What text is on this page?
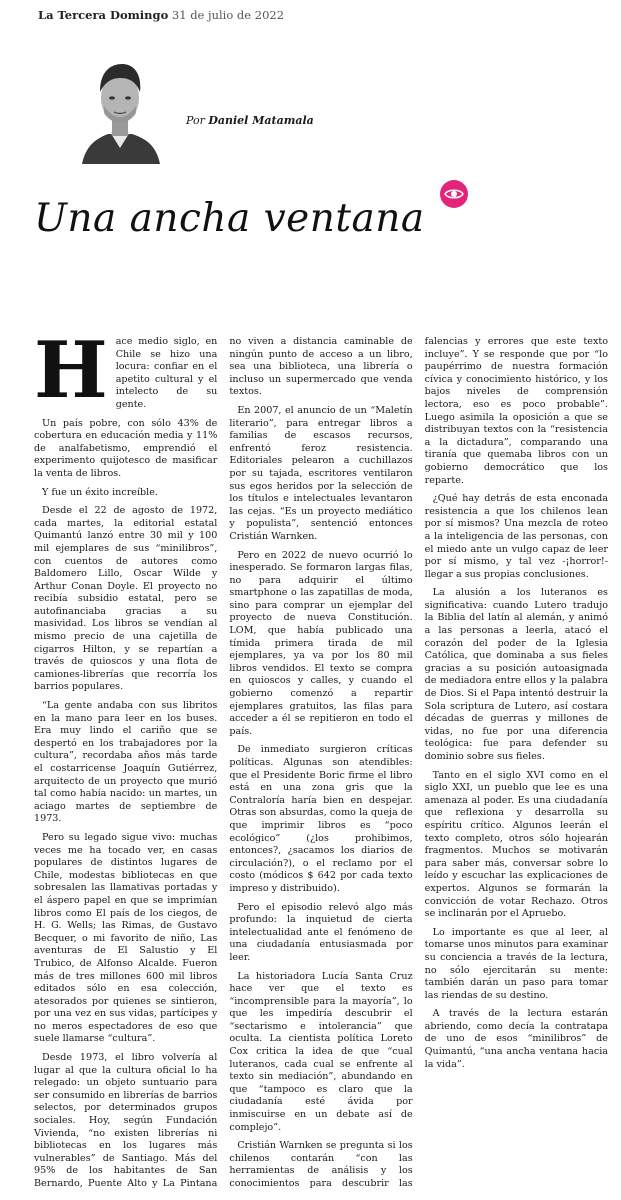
La Tercera Domingo 31 de julio de 2022
Por Daniel Matamala
Una ancha ventana

Hace medio siglo, en Chile se hizo una locura: confiar en el apetito cultural y el intelecto de su gente.

Un país pobre, con sólo 43% de cobertura en educación media y 11% de analfabetismo, emprendió el experimento quijotesco de masificar la venta de libros.

Y fue un éxito increíble.

Desde el 22 de agosto de 1972, cada martes, la editorial estatal Quimantú lanzó entre 30 mil y 100 mil ejemplares de sus “minilibros”, con cuentos de autores como Baldomero Lillo, Oscar Wilde y Arthur Conan Doyle. El proyecto no recibía subsidio estatal, pero se autofinanciaba gracias a su masividad. Los libros se vendían al mismo precio de una cajetilla de cigarros Hilton, y se repartían a través de quioscos y una flota de camiones-librerías que recorría los barrios populares.

“La gente andaba con sus libritos en la mano para leer en los buses. Era muy lindo el cariño que se despertó en los trabajadores por la cultura”, recordaba años más tarde el costarricense Joaquín Gutiérrez, arquitecto de un proyecto que murió tal como había nacido: un martes, un aciago martes de septiembre de 1973.

Pero su legado sigue vivo: muchas veces me ha tocado ver, en casas populares de distintos lugares de Chile, modestas bibliotecas en que sobresalen las llamativas portadas y el áspero papel en que se imprimían libros como El país de los ciegos, de H. G. Wells; las Rimas, de Gustavo Becquer, o mi favorito de niño, Las aventuras de El Salustio y El Trubico, de Alfonso Alcalde. Fueron más de tres millones 600 mil libros editados sólo en esa colección, atesorados por quienes se sintieron, por una vez en sus vidas, partícipes y no meros espectadores de eso que suele llamarse “cultura”.

Desde 1973, el libro volvería al lugar al que la cultura oficial lo ha relegado: un objeto suntuario para ser consumido en librerías de barrios selectos, por determinados grupos sociales. Hoy, según Fundación Vivienda, “no existen librerías ni bibliotecas en los lugares más vulnerables” de Santiago. Más del 95% de los habitantes de San Bernardo, Puente Alto y La Pintana no viven a distancia caminable de ningún punto de acceso a un libro, sea una biblioteca, una librería o incluso un supermercado que venda textos.

En 2007, el anuncio de un “Maletín literario”, para entregar libros a familias de escasos recursos, enfrentó feroz resistencia. Editoriales pelearon a cuchillazos por su tajada, escritores ventilaron sus egos heridos por la selección de los títulos e intelectuales levantaron las cejas. “Es un proyecto mediático y populista”, sentenció entonces Cristián Warnken.

Pero en 2022 de nuevo ocurrió lo inesperado. Se formaron largas filas, no para adquirir el último smartphone o las zapatillas de moda, sino para comprar un ejemplar del proyecto de nueva Constitución. LOM, que había publicado una tímida primera tirada de mil ejemplares, ya va por los 80 mil libros vendidos. El texto se compra en quioscos y calles, y cuando el gobierno comenzó a repartir ejemplares gratuitos, las filas para acceder a él se repitieron en todo el país.

De inmediato surgieron críticas políticas. Algunas son atendibles: que el Presidente Boric firme el libro está en una zona gris que la Contraloría haría bien en despejar. Otras son absurdas, como la queja de que imprimir libros es “poco ecológico” (¿los prohibimos, entonces?, ¿sacamos los diarios de circulación?), o el reclamo por el costo (módicos $ 642 por cada texto impreso y distribuido).

Pero el episodio relevó algo más profundo: la inquietud de cierta intelectualidad ante el fenómeno de una ciudadanía entusiasmada por leer.

La historiadora Lucía Santa Cruz hace ver que el texto es “incomprensible para la mayoría”, lo que les impediría descubrir el “sectarismo e intolerancia” que oculta. La cientista política Loreto Cox critica la idea de que “cual luteranos, cada cual se enfrente al texto sin mediación”, abundando en que “tampoco es claro que la ciudadanía esté ávida por inmiscuirse en un debate así de complejo”.

Cristián Warnken se pregunta si los chilenos contarán “con las herramientas de análisis y los conocimientos para descubrir las falencias y errores que este texto incluye”. Y se responde que por “lo paupérrimo de nuestra formación cívica y conocimiento histórico, y los bajos niveles de comprensión lectora, eso es poco probable”. Luego asimila la oposición a que se distribuyan textos con la “resistencia a la dictadura”, comparando una tiranía que quemaba libros con un gobierno democrático que los reparte.

¿Qué hay detrás de esta enconada resistencia a que los chilenos lean por sí mismos? Una mezcla de roteo a la inteligencia de las personas, con el miedo ante un vulgo capaz de leer por sí mismo, y tal vez -¡horror!- llegar a sus propias conclusiones.

La alusión a los luteranos es significativa: cuando Lutero tradujo la Biblia del latín al alemán, y animó a las personas a leerla, atacó el corazón del poder de la Iglesia Católica, que dominaba a sus fieles gracias a su posición autoasignada de mediadora entre ellos y la palabra de Dios. Si el Papa intentó destruir la Sola scriptura de Lutero, así costara décadas de guerras y millones de vidas, no fue por una diferencia teológica: fue para defender su dominio sobre sus fieles.

Tanto en el siglo XVI como en el siglo XXI, un pueblo que lee es una amenaza al poder. Es una ciudadanía que reflexiona y desarrolla su espíritu crítico. Algunos leerán el texto completo, otros sólo hojearán fragmentos. Muchos se motivarán para saber más, conversar sobre lo leído y escuchar las explicaciones de expertos. Algunos se formarán la convicción de votar Rechazo. Otros se inclinarán por el Apruebo.

Lo importante es que al leer, al tomarse unos minutos para examinar su conciencia a través de la lectura, no sólo ejercitarán su mente: también darán un paso para tomar las riendas de su destino.

A través de la lectura estarán abriendo, como decía la contratapa de uno de esos “minilibros” de Quimantú, “una ancha ventana hacia la vida”.
